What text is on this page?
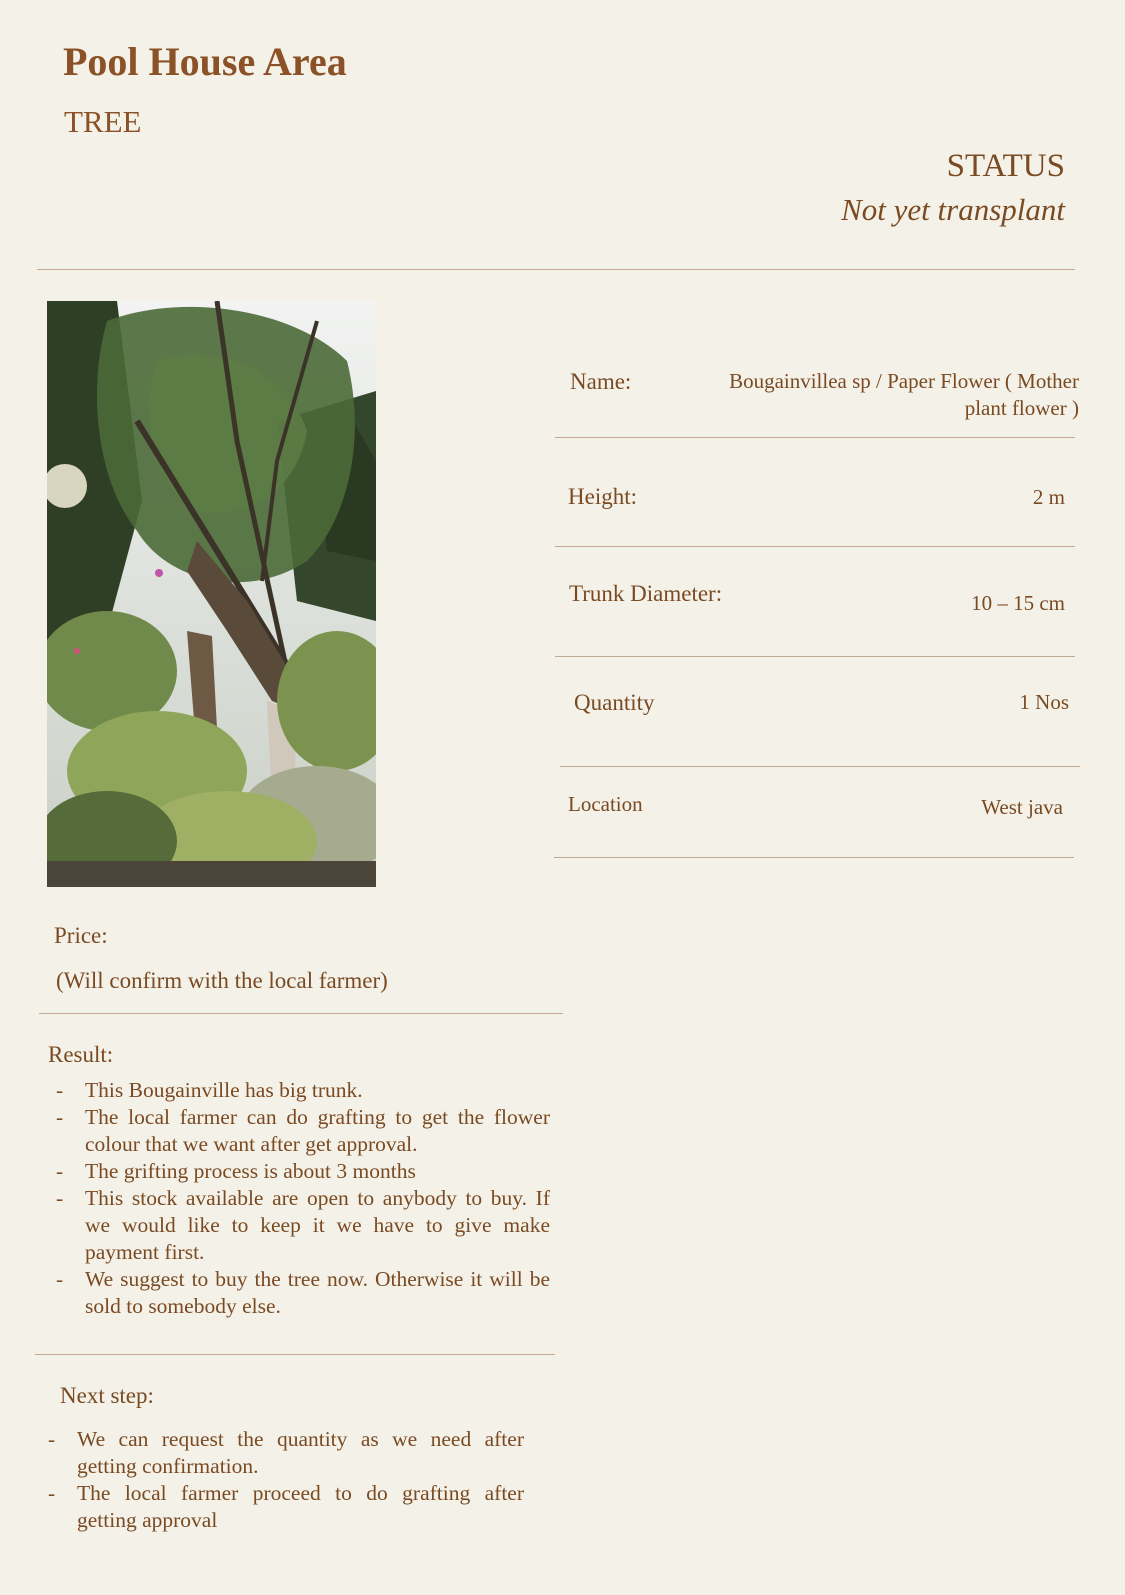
Pool House Area
TREE
STATUS
Not yet transplant
Name:	Bougainvillea sp / Paper Flower ( Mother
plant flower )
Height:	2 m
Trunk Diameter:	10 – 15 cm
Quantity	1 Nos
Location	West java
Price:
(Will confirm with the local farmer)
Result:
- This Bougainville has big trunk.
- The local farmer can do grafting to get the flower colour that we want after get approval.
- The grifting process is about 3 months
- This stock available are open to anybody to buy. If we would like to keep it we have to give make payment first.
- We suggest to buy the tree now. Otherwise it will be sold to somebody else.
Next step:
- We can request the quantity as we need after getting confirmation.
- The local farmer proceed to do grafting after getting approval
